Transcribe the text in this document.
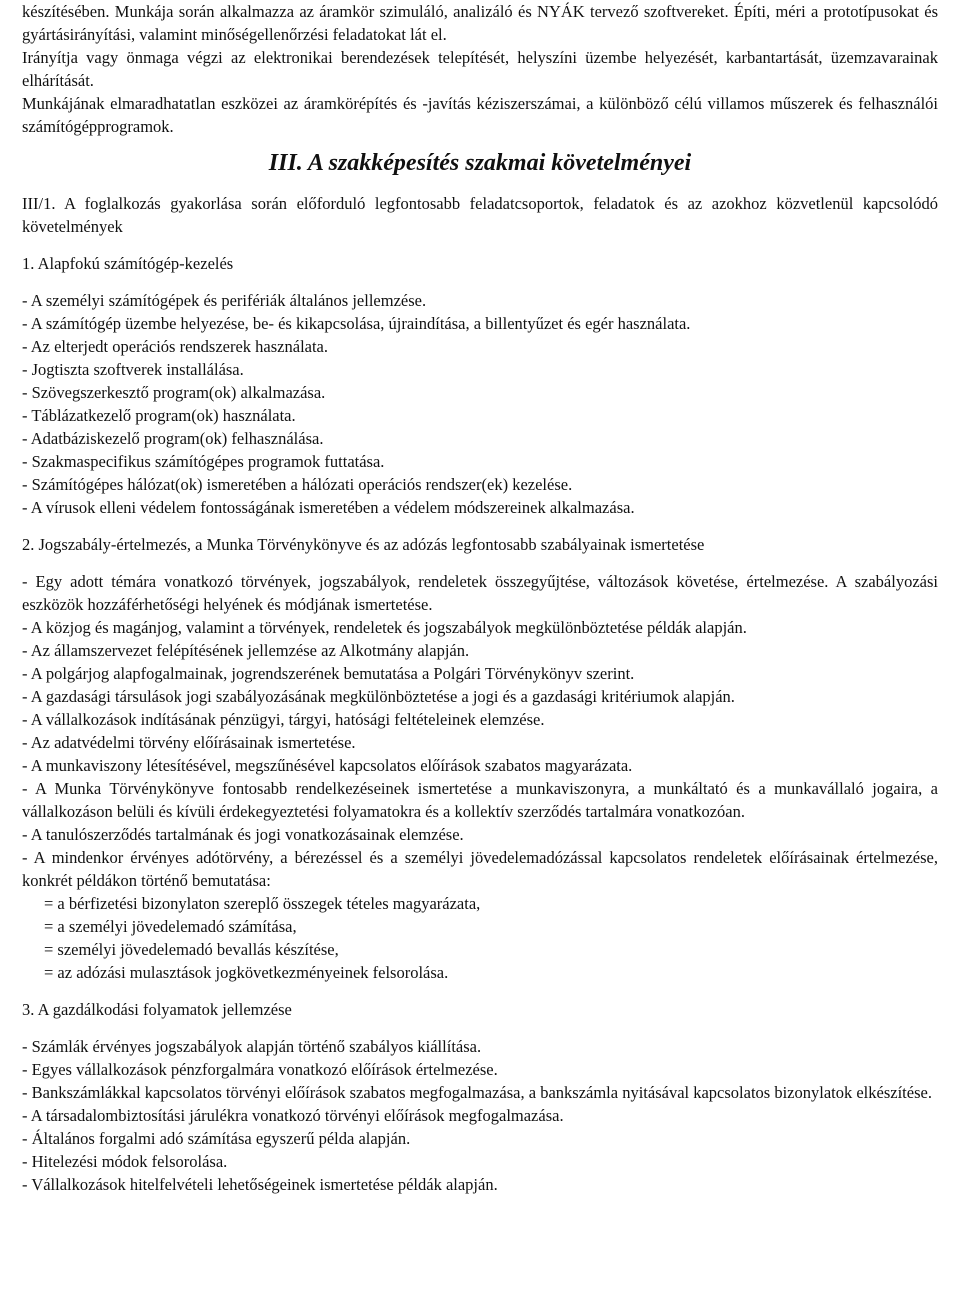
készítésében. Munkája során alkalmazza az áramkör szimuláló, analizáló és NYÁK tervező szoftvereket. Építi, méri a prototípusokat és gyártásirányítási, valamint minőségellenőrzési feladatokat lát el.

Irányítja vagy önmaga végzi az elektronikai berendezések telepítését, helyszíni üzembe helyezését, karbantartását, üzemzavarainak elhárítását.

Munkájának elmaradhatatlan eszközei az áramkörépítés és -javítás kéziszerszámai, a különböző célú villamos műszerek és felhasználói számítógépprogramok.

III. A szakképesítés szakmai követelményei

III/1. A foglalkozás gyakorlása során előforduló legfontosabb feladatcsoportok, feladatok és az azokhoz közvetlenül kapcsolódó követelmények

1. Alapfokú számítógép-kezelés

- A személyi számítógépek és perifériák általános jellemzése.

- A számítógép üzembe helyezése, be- és kikapcsolása, újraindítása, a billentyűzet és egér használata.

- Az elterjedt operációs rendszerek használata.

- Jogtiszta szoftverek installálása.

- Szövegszerkesztő program(ok) alkalmazása.

- Táblázatkezelő program(ok) használata.

- Adatbáziskezelő program(ok) felhasználása.

- Szakmaspecifikus számítógépes programok futtatása.

- Számítógépes hálózat(ok) ismeretében a hálózati operációs rendszer(ek) kezelése.

- A vírusok elleni védelem fontosságának ismeretében a védelem módszereinek alkalmazása.

2. Jogszabály-értelmezés, a Munka Törvénykönyve és az adózás legfontosabb szabályainak ismertetése

- Egy adott témára vonatkozó törvények, jogszabályok, rendeletek összegyűjtése, változások követése, értelmezése. A szabályozási eszközök hozzáférhetőségi helyének és módjának ismertetése.

- A közjog és magánjog, valamint a törvények, rendeletek és jogszabályok megkülönböztetése példák alapján.

- Az államszervezet felépítésének jellemzése az Alkotmány alapján.

- A polgárjog alapfogalmainak, jogrendszerének bemutatása a Polgári Törvénykönyv szerint.

- A gazdasági társulások jogi szabályozásának megkülönböztetése a jogi és a gazdasági kritériumok alapján.

- A vállalkozások indításának pénzügyi, tárgyi, hatósági feltételeinek elemzése.

- Az adatvédelmi törvény előírásainak ismertetése.

- A munkaviszony létesítésével, megszűnésével kapcsolatos előírások szabatos magyarázata.

- A Munka Törvénykönyve fontosabb rendelkezéseinek ismertetése a munkaviszonyra, a munkáltató és a munkavállaló jogaira, a vállalkozáson belüli és kívüli érdekegyeztetési folyamatokra és a kollektív szerződés tartalmára vonatkozóan.

- A tanulószerződés tartalmának és jogi vonatkozásainak elemzése.

- A mindenkor érvényes adótörvény, a bérezéssel és a személyi jövedelemadózással kapcsolatos rendeletek előírásainak értelmezése, konkrét példákon történő bemutatása:

= a bérfizetési bizonylaton szereplő összegek tételes magyarázata,

= a személyi jövedelemadó számítása,

= személyi jövedelemadó bevallás készítése,

= az adózási mulasztások jogkövetkezményeinek felsorolása.

3. A gazdálkodási folyamatok jellemzése

- Számlák érvényes jogszabályok alapján történő szabályos kiállítása.

- Egyes vállalkozások pénzforgalmára vonatkozó előírások értelmezése.

- Bankszámlákkal kapcsolatos törvényi előírások szabatos megfogalmazása, a bankszámla nyitásával kapcsolatos bizonylatok elkészítése.

- A társadalombiztosítási járulékra vonatkozó törvényi előírások megfogalmazása.

- Általános forgalmi adó számítása egyszerű példa alapján.

- Hitelezési módok felsorolása.

- Vállalkozások hitelfelvételi lehetőségeinek ismertetése példák alapján.
